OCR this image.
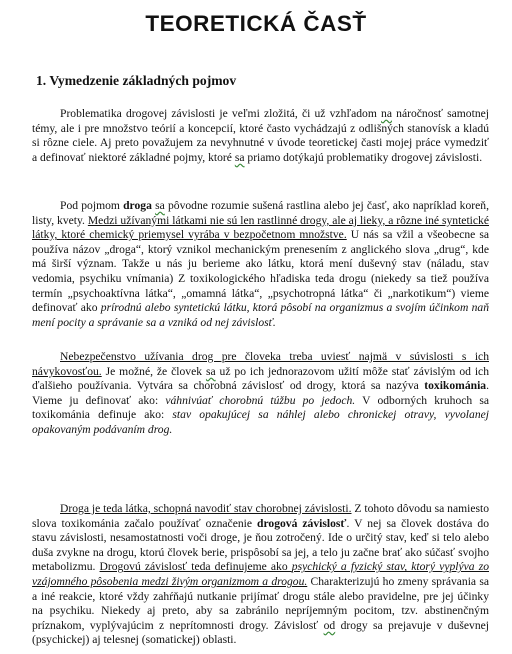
TEORETICKÁ ČASŤ
1. Vymedzenie základných pojmov

Problematika drogovej závislosti je veľmi zložitá, či už vzhľadom na náročnosť samotnej témy, ale i pre množstvo teórií a koncepcií, ktoré často vychádzajú z odlišných stanovísk a kladú si rôzne ciele. Aj preto považujem za nevyhnutné v úvode teoretickej časti mojej práce vymedziť a definovať niektoré základné pojmy, ktoré sa priamo dotýkajú problematiky drogovej závislosti.

Pod pojmom droga sa pôvodne rozumie sušená rastlina alebo jej časť, ako napríklad koreň, listy, kvety. Medzi užívanými látkami nie sú len rastlinné drogy, ale aj lieky, a rôzne iné syntetické látky, ktoré chemický priemysel vyrába v bezpočetnom množstve. U nás sa vžil a všeobecne sa používa názov „droga“, ktorý vznikol mechanickým prenesením z anglického slova „drug“, kde má širší význam. Takže u nás ju berieme ako látku, ktorá mení duševný stav (náladu, stav vedomia, psychiku vnímania) Z toxikologického hľadiska teda drogu (niekedy sa tiež používa termín „psychoaktívna látka“, „omamná látka“, „psychotropná látka“ či „narkotikum“) vieme definovať ako prírodnú alebo syntetickú látku, ktorá pôsobí na organizmus a svojím účinkom naň mení pocity a správanie sa a vzniká od nej závislosť.

Nebezpečenstvo užívania drog pre človeka treba uviesť najmä v súvislosti s ich návykovosťou. Je možné, že človek sa už po ich jednorazovom užití môže stať závislým od ich ďalšieho používania. Vytvára sa chorobná závislosť od drogy, ktorá sa nazýva toxikománia. Vieme ju definovať ako: váhnivúať chorobnú túžbu po jedoch. V odborných kruhoch sa toxikománia definuje ako: stav opakujúcej sa náhlej alebo chronickej otravy, vyvolanej opakovaným podávaním drog.

Droga je teda látka, schopná navodiť stav chorobnej závislosti. Z tohoto dôvodu sa namiesto slova toxikománia začalo používať označenie drogová závislosť. V nej sa človek dostáva do stavu závislosti, nesamostatnosti voči droge, je ňou zotročený. Ide o určitý stav, keď si telo alebo duša zvykne na drogu, ktorú človek berie, prispôsobí sa jej, a telo ju začne brať ako súčasť svojho metabolizmu. Drogovú závislosť teda definujeme ako psychický a fyzický stav, ktorý vyplýva zo vzájomného pôsobenia medzi živým organizmom a drogou. Charakterizujú ho zmeny správania sa a iné reakcie, ktoré vždy zahŕňajú nutkanie prijímať drogu stále alebo pravidelne, pre jej účinky na psychiku. Niekedy aj preto, aby sa zabránilo nepríjemným pocitom, tzv. abstinenčným príznakom, vyplývajúcim z neprítomnosti drogy. Závislosť od drogy sa prejavuje v duševnej (psychickej) aj telesnej (somatickej) oblasti.
